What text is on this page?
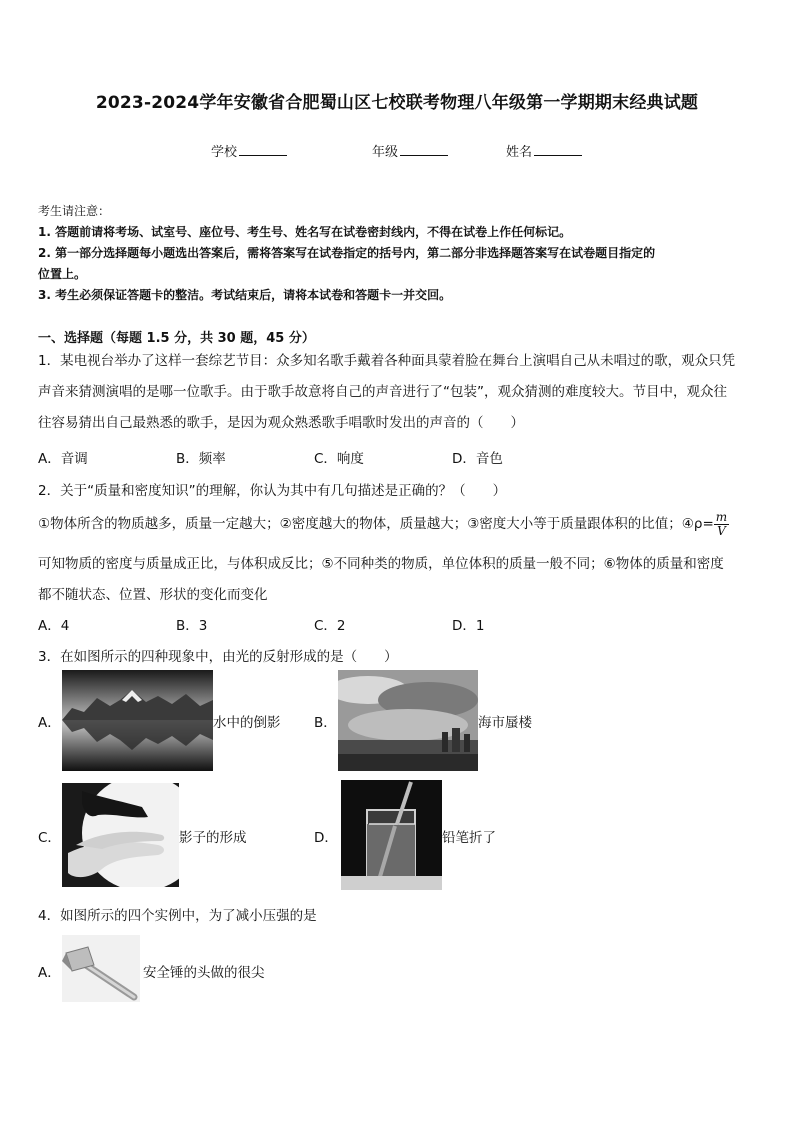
2023-2024学年安徽省合肥蜀山区七校联考物理八年级第一学期期末经典试题
学校	年级	姓名
考生请注意：
1. 答题前请将考场、试室号、座位号、考生号、姓名写在试卷密封线内，不得在试卷上作任何标记。
2. 第一部分选择题每小题选出答案后，需将答案写在试卷指定的括号内，第二部分非选择题答案写在试卷题目指定的
位置上。
3. 考生必须保证答题卡的整洁。考试结束后，请将本试卷和答题卡一并交回。
一、选择题（每题 1.5 分，共 30 题，45 分）
1．某电视台举办了这样一套综艺节目：众多知名歌手戴着各种面具蒙着脸在舞台上演唱自己从未唱过的歌，观众只凭
声音来猜测演唱的是哪一位歌手。由于歌手故意将自己的声音进行了“包装”，观众猜测的难度较大。节目中，观众往
往容易猜出自己最熟悉的歌手，是因为观众熟悉歌手唱歌时发出的声音的（　　）
A．音调	B．频率	C．响度	D．音色
2．关于“质量和密度知识”的理解，你认为其中有几句描述是正确的？（　　）
①物体所含的物质越多，质量一定越大；②密度越大的物体，质量越大；③密度大小等于质量跟体积的比值；④ρ= $\frac{m}{V}$
可知物质的密度与质量成正比，与体积成反比；⑤不同种类的物质，单位体积的质量一般不同；⑥物体的质量和密度
都不随状态、位置、形状的变化而变化
A．4	B．3	C．2	D．1
3．在如图所示的四种现象中，由光的反射形成的是（　　）
A．	水中的倒影 B．	海市蜃楼
C．	影子的形成	D．	铅笔折了
4．如图所示的四个实例中，为了减小压强的是
A．	安全锤的头做的很尖
